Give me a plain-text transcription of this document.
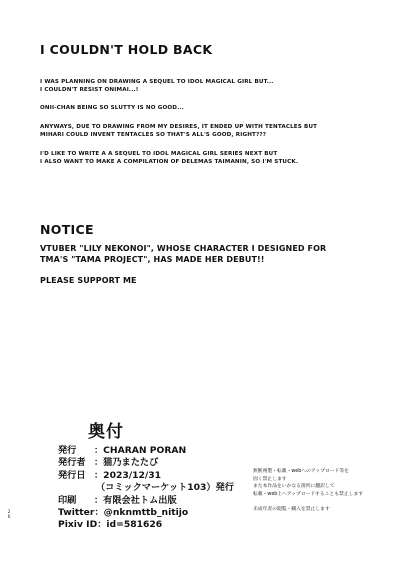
I COULDN'T HOLD BACK
I WAS PLANNING ON DRAWING A SEQUEL TO IDOL MAGICAL GIRL BUT...
I COULDN'T RESIST ONIMAI...!
ONII-CHAN BEING SO SLUTTY IS NO GOOD...
ANYWAYS, DUE TO DRAWING FROM MY DESIRES, IT ENDED UP WITH TENTACLES BUT
MIHARI COULD INVENT TENTACLES SO THAT'S ALL'S GOOD, RIGHT???
I'D LIKE TO WRITE A A SEQUEL TO IDOL MAGICAL GIRL SERIES NEXT BUT
I ALSO WANT TO MAKE A COMPILATION OF DELEMAS TAIMANIN, SO I'M STUCK.
NOTICE
VTUBER "LILY NEKONOI", WHOSE CHARACTER I DESIGNED FOR
TMA'S "TAMA PROJECT", HAS MADE HER DEBUT!!
PLEASE SUPPORT ME
奥付
発行	：CHARAN PORAN
発行者 ：猫乃またたび
発行日 ：2023/12/31
（コミックマーケット103）発行
印刷	：有限会社トム出版
Twitter ：@nknmttb_nitijo
Pixiv ID ：id=581626
無断複製・転載・webへのアップロード等を
固く禁止します
また本作品をいかなる箇所に翻訳して
転載・web上へアップロードすることも禁止します

未成年者の閲覧・購入を禁止します
2
6
